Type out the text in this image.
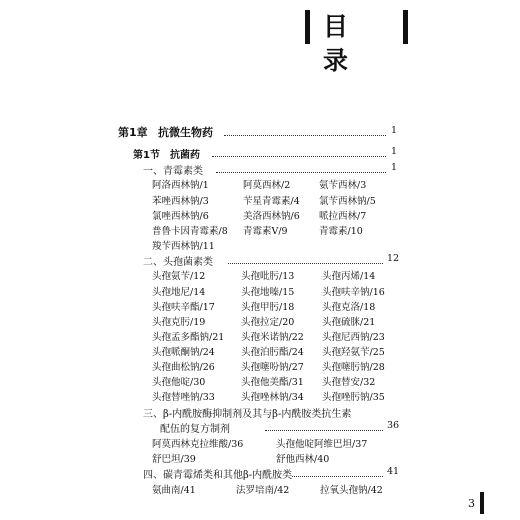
目 录
第1章 抗微生物药	1
第1节 抗菌药	1
一、青霉素类	1
阿洛西林钠/1	阿莫西林/2	氨苄西林/3
苯唑西林钠/3	苄星青霉素/4 氯苄西林钠/5
氯唑西林钠/6	美洛西林钠/6 哌拉西林/7
普鲁卡因青霉素/8 青霉素V/9	青霉素/10
羧苄西林钠/11
二、头孢菌素类	12
头孢氨苄/12	头孢吡肟/13	头孢丙烯/14
头孢地尼/14	头孢地嗪/15	头孢呋辛钠/16
头孢呋辛酯/17	头孢甲肟/18	头孢克洛/18
头孢克肟/19	头孢拉定/20	头孢硫脒/21
头孢孟多酯钠/21 头孢米诺钠/22 头孢尼西钠/23
头孢哌酮钠/24	头孢泊肟酯/24 头孢羟氨苄/25
头孢曲松钠/26	头孢噻吩钠/27 头孢噻肟钠/28
头孢他啶/30	头孢他美酯/31 头孢替安/32
头孢替唑钠/33	头孢唑林钠/34 头孢唑肟钠/35
三、β-内酰胺酶抑制剂及其与β-内酰胺类抗生素
配伍的复方制剂	36
阿莫西林克拉维酸/36	头孢他啶阿维巴坦/37
舒巴坦/39	舒他西林/40
四、碳青霉烯类和其他β-内酰胺类	41
氨曲南/41	法罗培南/42	拉氧头孢钠/42
3
